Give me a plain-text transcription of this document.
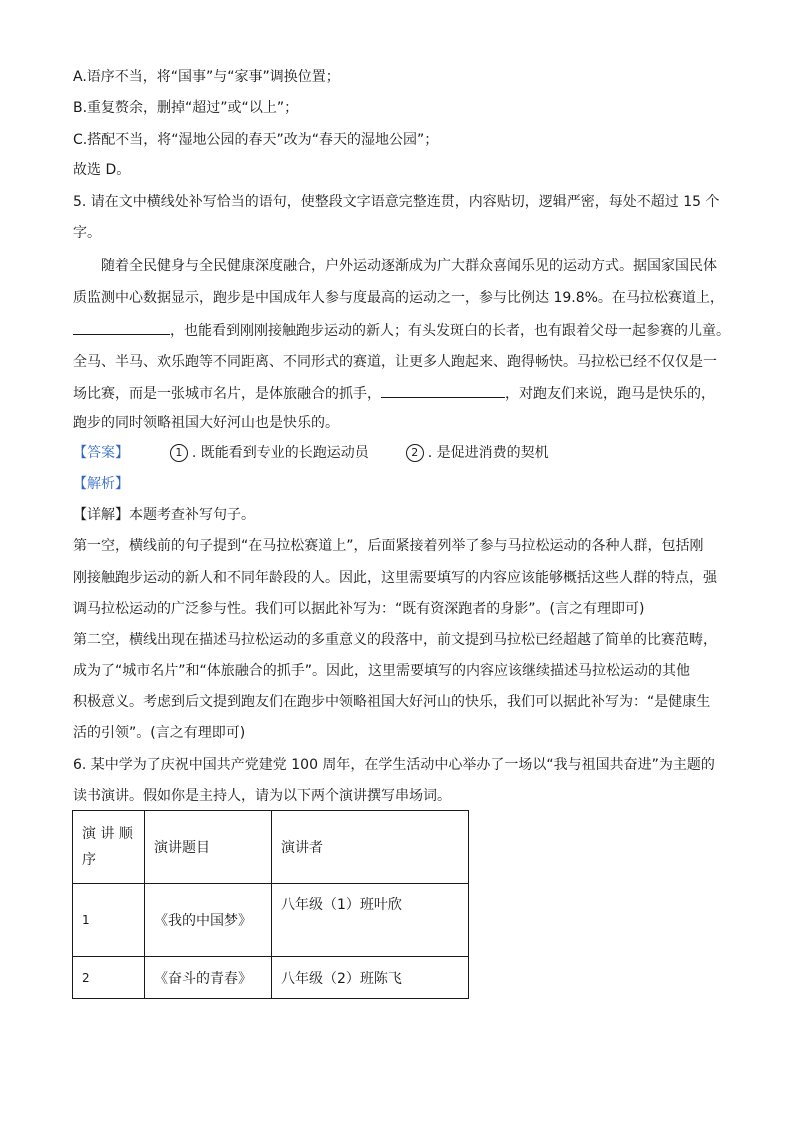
A.语序不当，将“国事”与“家事”调换位置；
B.重复赘余，删掉“超过”或“以上”；
C.搭配不当，将“湿地公园的春天”改为“春天的湿地公园”；
故选 D。
5. 请在文中横线处补写恰当的语句，使整段文字语意完整连贯，内容贴切，逻辑严密，每处不超过 15 个
字。
随着全民健身与全民健康深度融合，户外运动逐渐成为广大群众喜闻乐见的运动方式。据国家国民体
质监测中心数据显示，跑步是中国成年人参与度最高的运动之一，参与比例达 19.8%。在马拉松赛道上，
，也能看到刚刚接触跑步运动的新人；有头发斑白的长者，也有跟着父母一起参赛的儿童。
全马、半马、欢乐跑等不同距离、不同形式的赛道，让更多人跑起来、跑得畅快。马拉松已经不仅仅是一
场比赛，而是一张城市名片，是体旅融合的抓手，	，对跑友们来说，跑马是快乐的，
跑步的同时领略祖国大好河山也是快乐的。
【答案】	1 . 既能看到专业的长跑运动员	2 . 是促进消费的契机
【解析】
【详解】本题考查补写句子。
第一空，横线前的句子提到“在马拉松赛道上”，后面紧接着列举了参与马拉松运动的各种人群，包括刚
刚接触跑步运动的新人和不同年龄段的人。因此，这里需要填写的内容应该能够概括这些人群的特点，强
调马拉松运动的广泛参与性。我们可以据此补写为：“既有资深跑者的身影”。(言之有理即可)
第二空，横线出现在描述马拉松运动的多重意义的段落中，前文提到马拉松已经超越了简单的比赛范畴，
成为了“城市名片”和“体旅融合的抓手”。因此，这里需要填写的内容应该继续描述马拉松运动的其他
积极意义。考虑到后文提到跑友们在跑步中领略祖国大好河山的快乐，我们可以据此补写为：“是健康生
活的引领”。(言之有理即可)
6. 某中学为了庆祝中国共产党建党 100 周年，在学生活动中心举办了一场以“我与祖国共奋进”为主题的
读书演讲。假如你是主持人，请为以下两个演讲撰写串场词。
演 讲 顺
序	演讲题目	演讲者
1	《我的中国梦》	八年级（1）班叶欣
2	《奋斗的青春》	八年级（2）班陈飞
